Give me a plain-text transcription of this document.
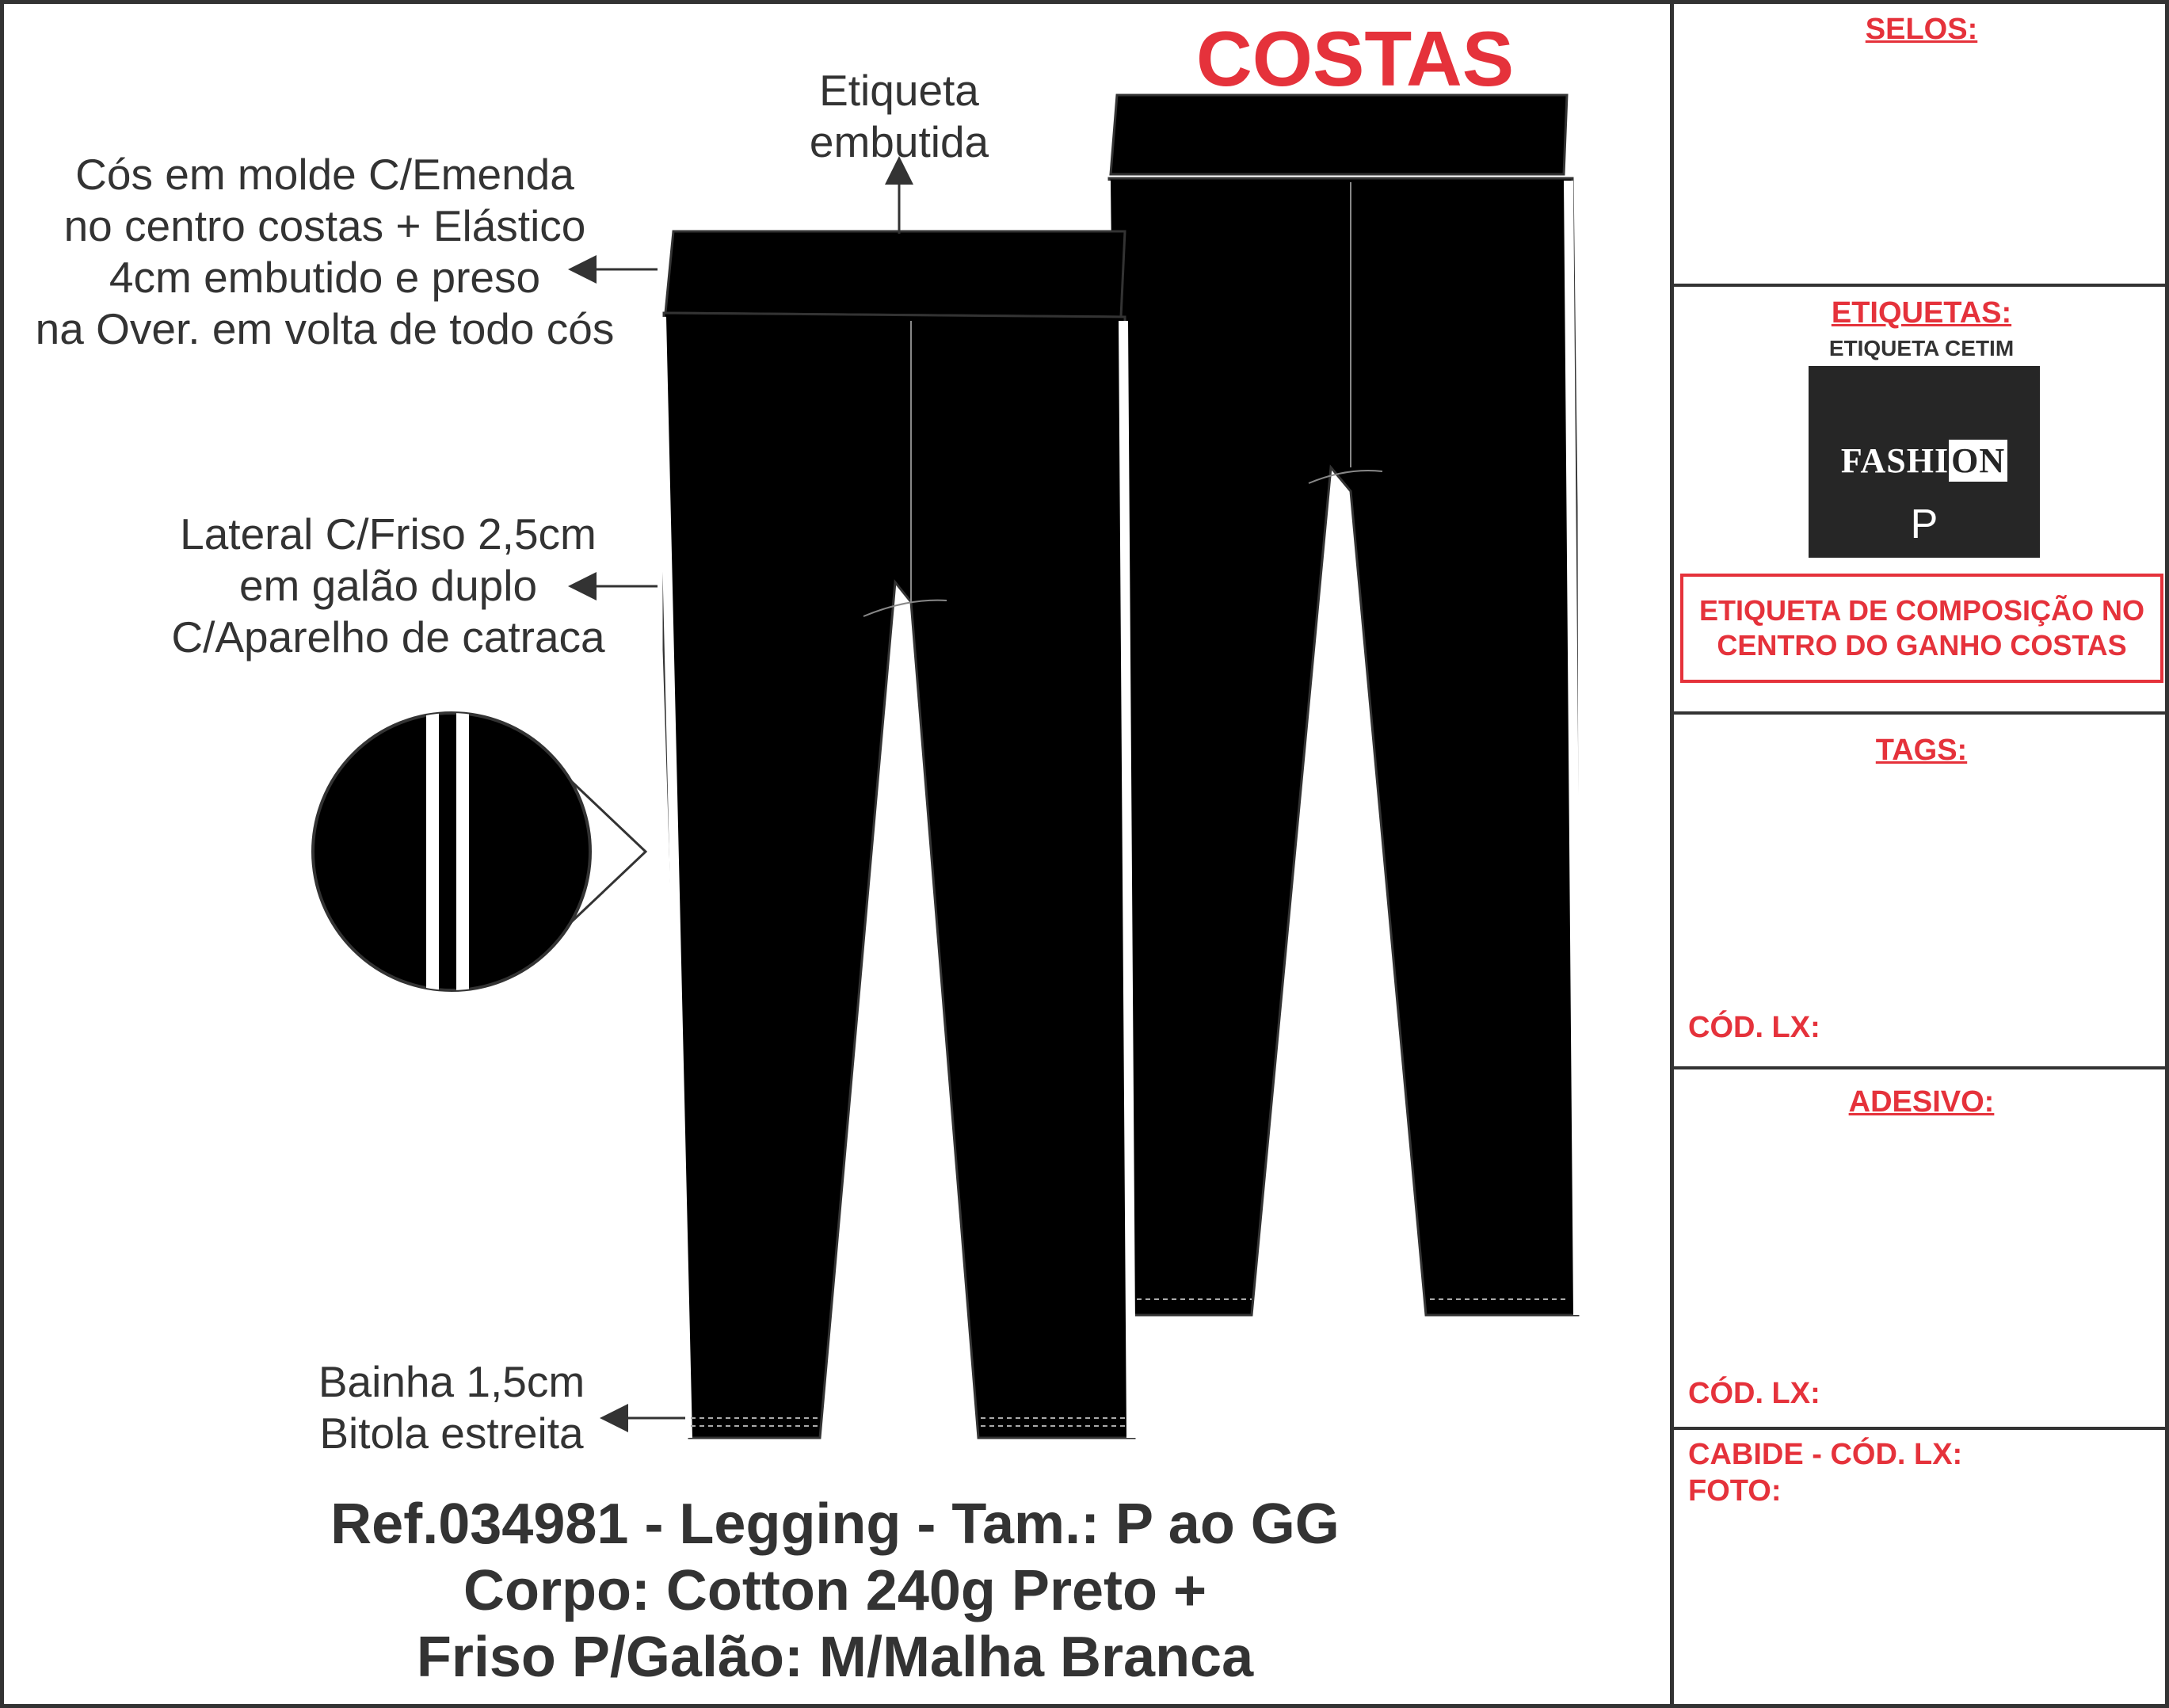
COSTAS
Etiqueta
embutida
Cós em molde C/Emenda
no centro costas + Elástico
4cm embutido e preso
na Over. em volta de todo cós
Lateral C/Friso 2,5cm
em galão duplo
C/Aparelho de catraca
Bainha 1,5cm
Bitola estreita
Ref.034981 - Legging - Tam.: P ao GG
Corpo: Cotton 240g Preto +
Friso P/Galão: M/Malha Branca
SELOS:
ETIQUETAS:
ETIQUETA CETIM
FASHION
P
ETIQUETA DE COMPOSIÇÃO NO
CENTRO DO GANHO COSTAS
TAGS:
CÓD. LX:
ADESIVO:
CÓD. LX:
CABIDE - CÓD. LX:
FOTO:
